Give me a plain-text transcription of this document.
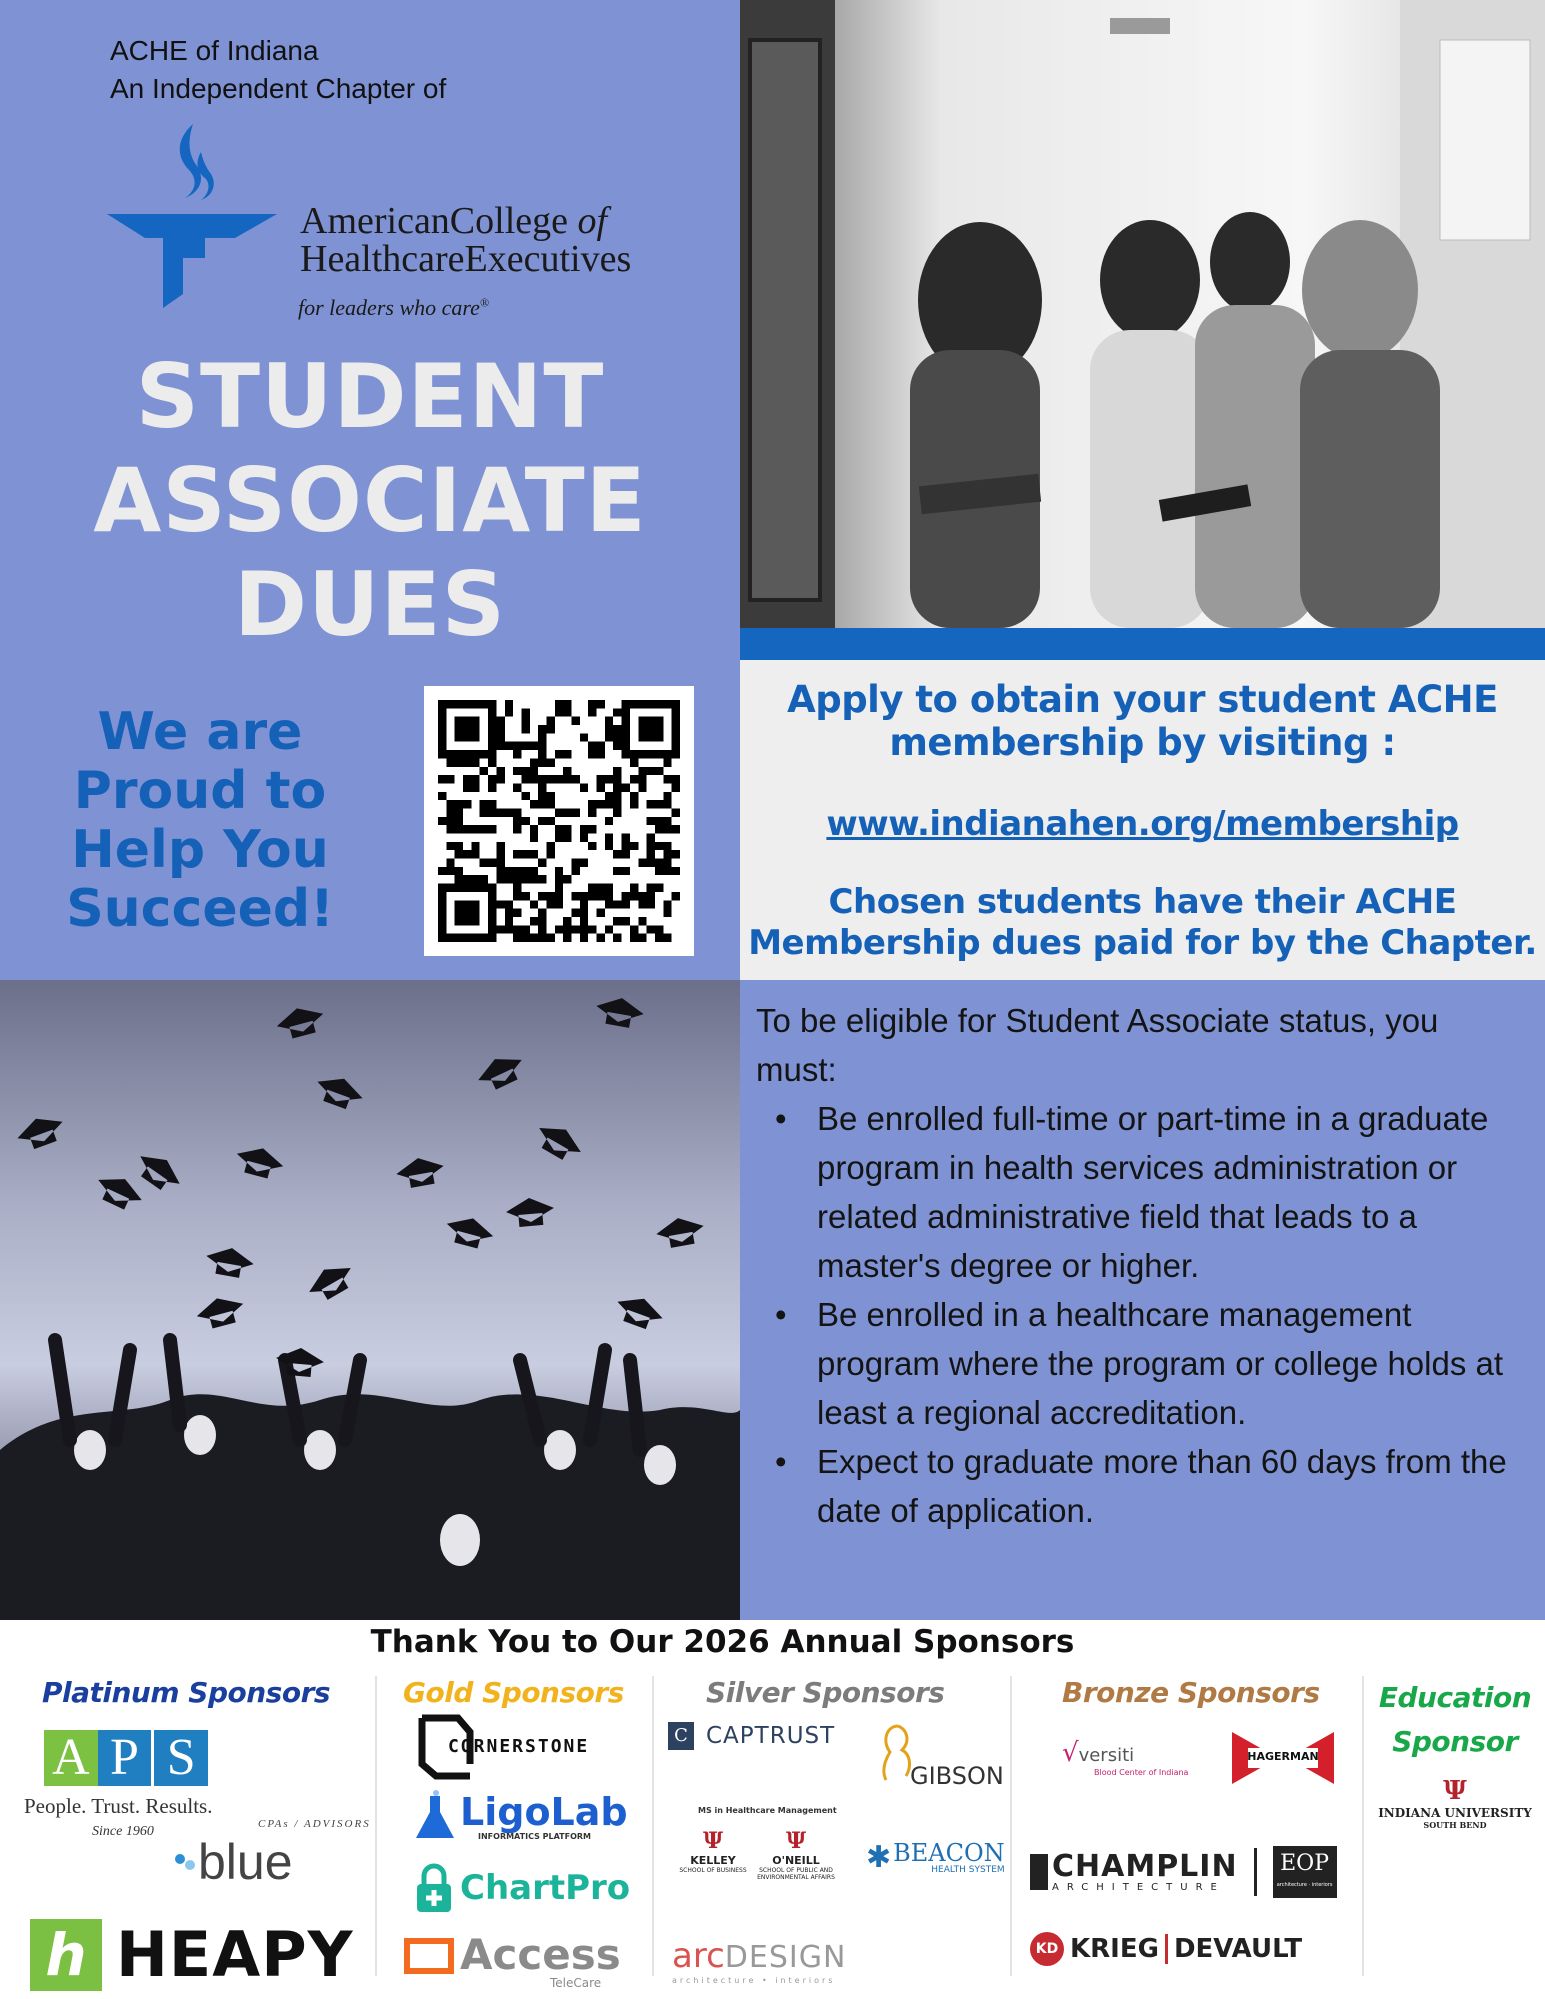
ACHE of Indiana
An Independent Chapter of
AmericanCollege of
HealthcareExecutives
for leaders who care®
STUDENT
ASSOCIATE
DUES
We are
Proud to
Help You
Succeed!
Apply to obtain your student ACHE
membership by visiting :
www.indianahen.org/membership
Chosen students have their ACHE
Membership dues paid for by the Chapter.
To be eligible for Student Associate status, you must:
• Be enrolled full-time or part-time in a graduate program in health services administration or related administrative field that leads to a master's degree or higher.
• Be enrolled in a healthcare management program where the program or college holds at least a regional accreditation.
• Expect to graduate more than 60 days from the date of application.
Thank You to Our 2026 Annual Sponsors
Platinum Sponsors
A P S
People. Trust. Results.
Since 1960	CPAs / ADVISORS
blue
h HEAPY
Gold Sponsors
CORNERSTONE
LigoLab
INFORMATICS PLATFORM
ChartPro
Access
TeleCare
Silver Sponsors
C CAPTRUST
GIBSON
MS in Healthcare Management
Ψ
KELLEY
SCHOOL OF BUSINESS
Ψ
O'NEILL
SCHOOL OF PUBLIC AND ENVIRONMENTAL AFFAIRS
✱ BEACON
HEALTH SYSTEM
arcDESIGN
architecture • interiors
Bronze Sponsors
√versiti
Blood Center of Indiana
HAGERMAN
CHAMPLIN
ARCHITECTURE
EOP
architecture · interiors
KD KRIEG DEVAULT
Education
Sponsor
Ψ
INDIANA UNIVERSITY
SOUTH BEND
